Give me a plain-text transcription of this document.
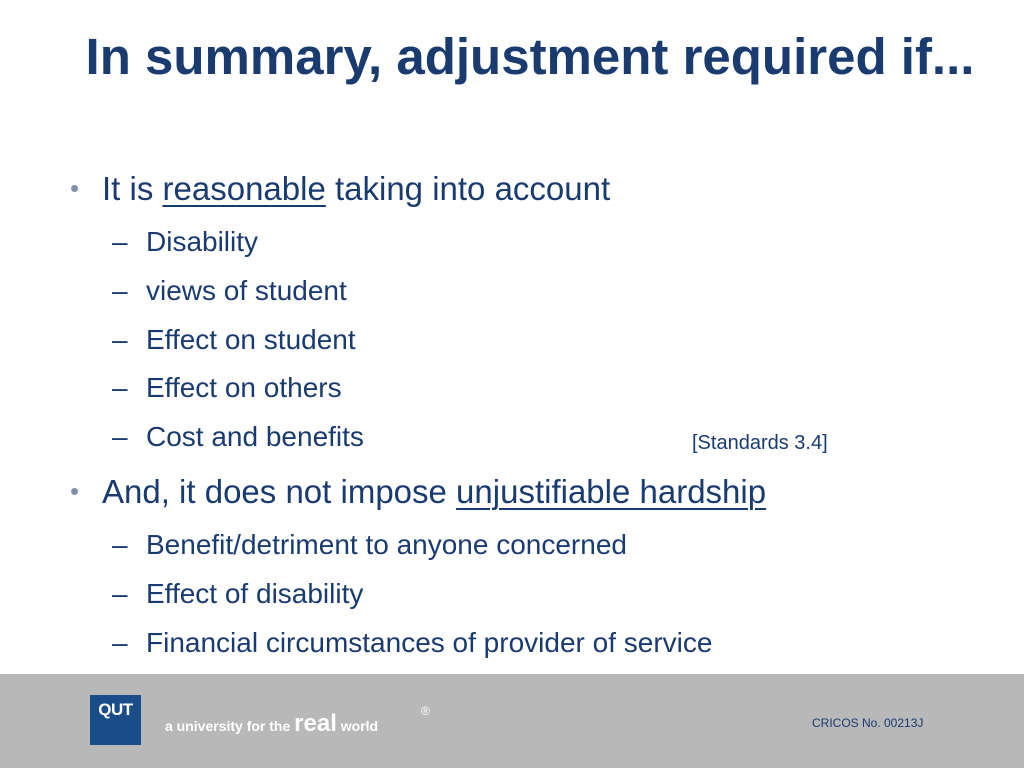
In summary, adjustment required if...
• It is reasonable taking into account
– Disability
– views of student
– Effect on student
– Effect on others
– Cost and benefits	[Standards 3.4]
• And, it does not impose unjustifiable hardship
– Benefit/detriment to anyone concerned
– Effect of disability
– Financial circumstances of provider of service
QUT
a university for the real world
®
CRICOS No. 00213J
